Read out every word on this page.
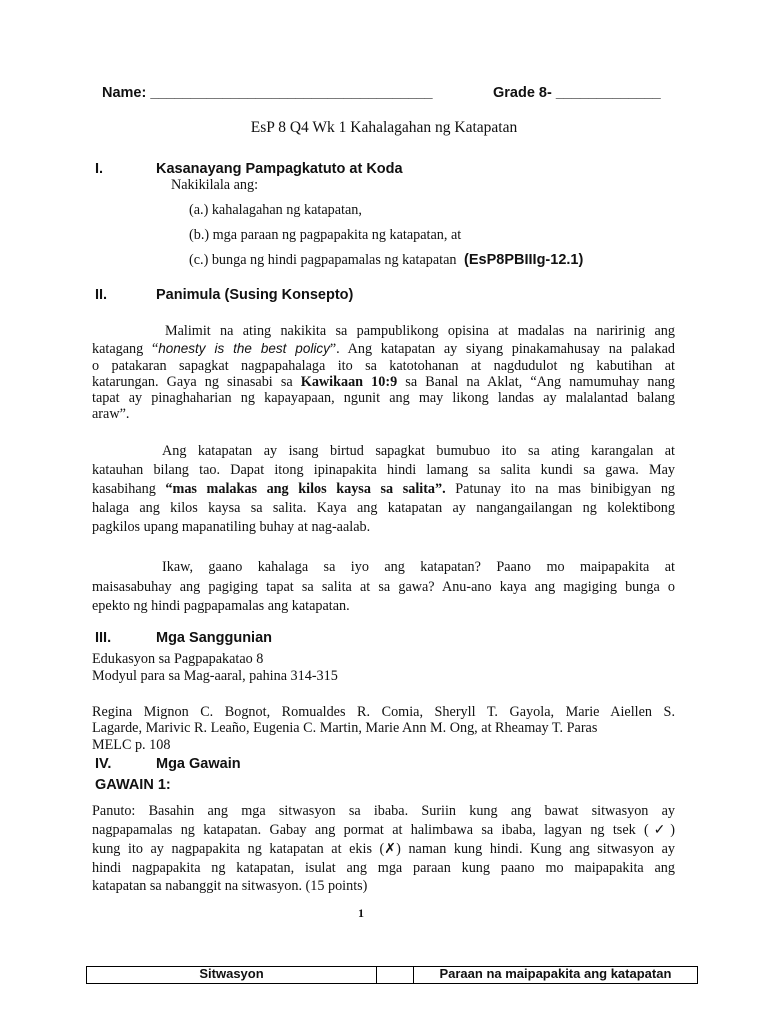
Name: ___________________________________	Grade 8- _____________
EsP 8 Q4 Wk 1 Kahalagahan ng Katapatan
I.	Kasanayang Pampagkatuto at Koda
Nakikilala ang:
(a.) kahalagahan ng katapatan,
(b.) mga paraan ng pagpapakita ng katapatan, at
(c.) bunga ng hindi pagpapamalas ng katapatan (EsP8PBIIIg-12.1)
II.	Panimula (Susing Konsepto)
Malimit na ating nakikita sa pampublikong opisina at madalas na naririnig ang
katagang “honesty is the best policy”. Ang katapatan ay siyang pinakamahusay na palakad
o patakaran sapagkat nagpapahalaga ito sa katotohanan at nagdudulot ng kabutihan at
katarungan. Gaya ng sinasabi sa Kawikaan 10:9 sa Banal na Aklat, “Ang namumuhay nang
tapat ay pinaghaharian ng kapayapaan, ngunit ang may likong landas ay malalantad balang
araw”.
Ang katapatan ay isang birtud sapagkat bumubuo ito sa ating karangalan at
katauhan bilang tao. Dapat itong ipinapakita hindi lamang sa salita kundi sa gawa. May
kasabihang “mas malakas ang kilos kaysa sa salita”. Patunay ito na mas binibigyan ng
halaga ang kilos kaysa sa salita. Kaya ang katapatan ay nangangailangan ng kolektibong
pagkilos upang mapanatiling buhay at nag-aalab.
Ikaw, gaano kahalaga sa iyo ang katapatan? Paano mo maipapakita at
maisasabuhay ang pagiging tapat sa salita at sa gawa? Anu-ano kaya ang magiging bunga o
epekto ng hindi pagpapamalas ang katapatan.
III.	Mga Sanggunian
Edukasyon sa Pagpapakatao 8
Modyul para sa Mag-aaral, pahina 314-315
Regina Mignon C. Bognot, Romualdes R. Comia, Sheryll T. Gayola, Marie Aiellen S.
Lagarde, Marivic R. Leaño, Eugenia C. Martin, Marie Ann M. Ong, at Rheamay T. Paras
MELC p. 108
IV.	Mga Gawain
GAWAIN 1:
Panuto: Basahin ang mga sitwasyon sa ibaba. Suriin kung ang bawat sitwasyon ay
nagpapamalas ng katapatan. Gabay ang pormat at halimbawa sa ibaba, lagyan ng tsek (✓)
kung ito ay nagpapakita ng katapatan at ekis (✗) naman kung hindi. Kung ang sitwasyon ay
hindi nagpapakita ng katapatan, isulat ang mga paraan kung paano mo maipapakita ang
katapatan sa nabanggit na sitwasyon. (15 points)
1
Sitwasyon		Paraan na maipapakita ang katapatan
